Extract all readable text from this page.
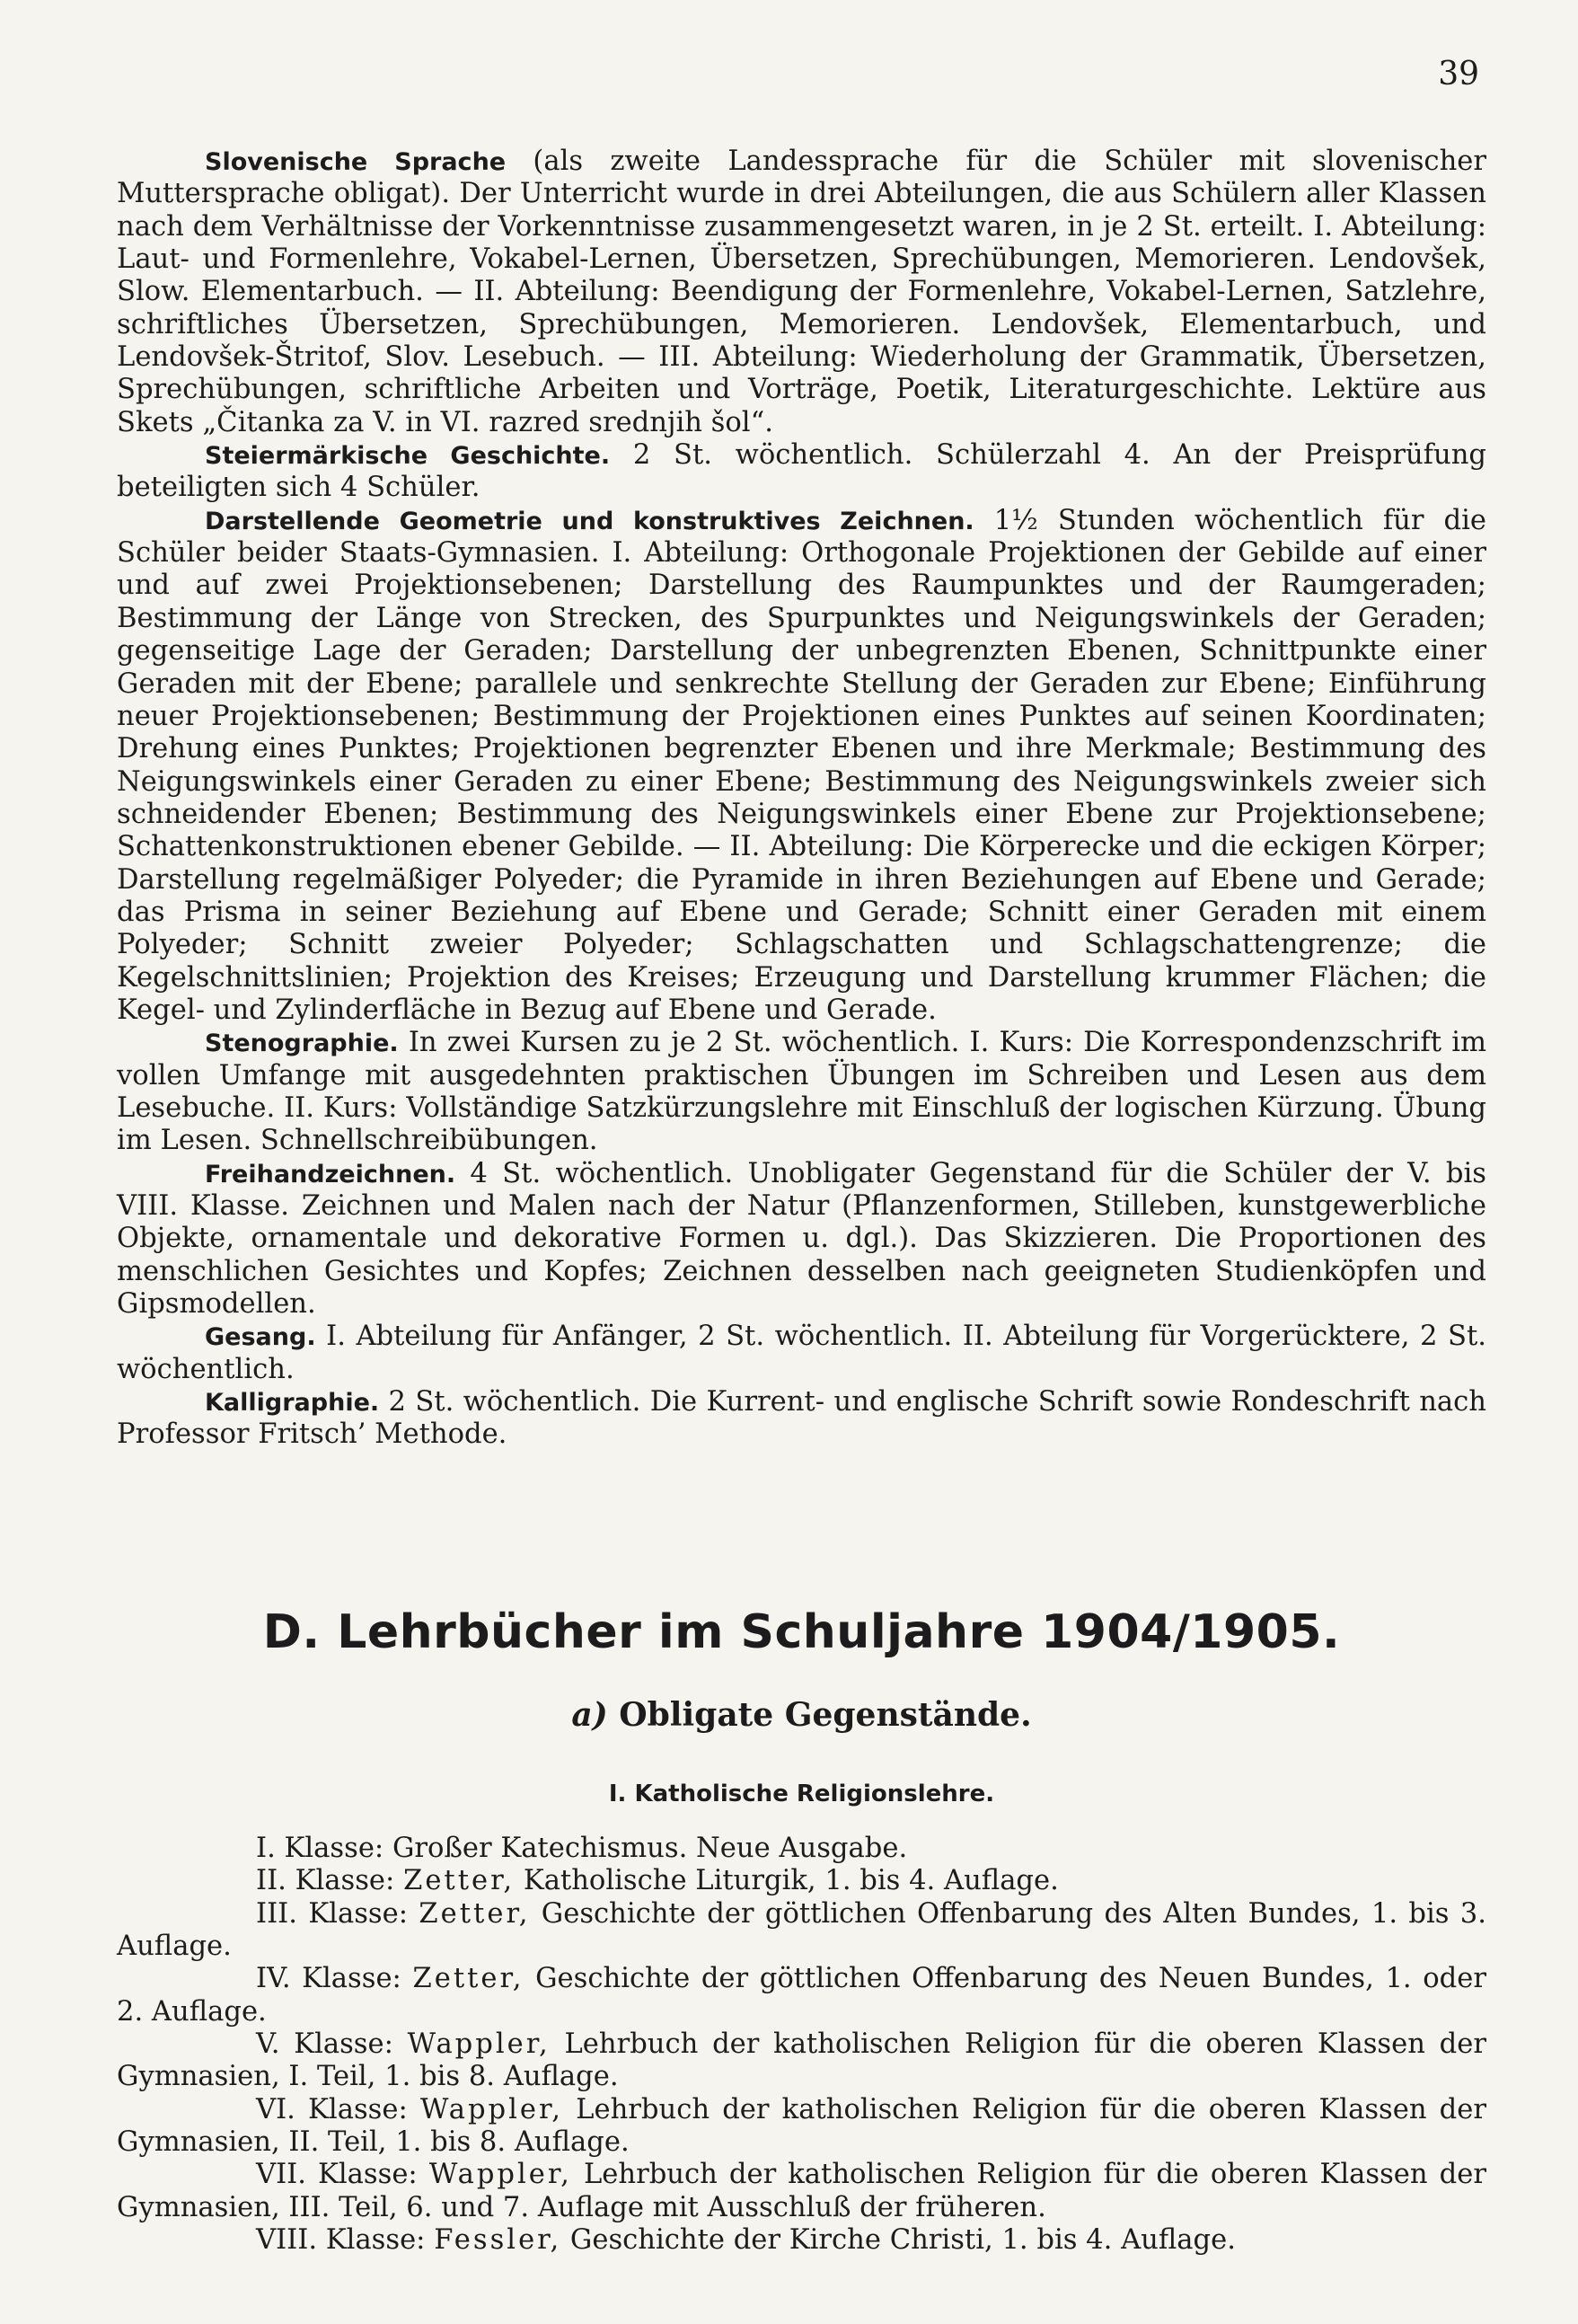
39

Slovenische Sprache (als zweite Landessprache für die Schüler mit slovenischer Muttersprache obligat). Der Unterricht wurde in drei Abteilungen, die aus Schülern aller Klassen nach dem Verhältnisse der Vorkenntnisse zusammengesetzt waren, in je 2 St. erteilt. I. Abteilung: Laut- und Formenlehre, Vokabel-Lernen, Übersetzen, Sprechübungen, Memorieren. Lendovšek, Slow. Elementarbuch. — II. Abteilung: Beendigung der Formenlehre, Vokabel-Lernen, Satzlehre, schriftliches Übersetzen, Sprechübungen, Memorieren. Lendovšek, Elementarbuch, und Lendovšek-Štritof, Slov. Lesebuch. — III. Abteilung: Wiederholung der Grammatik, Übersetzen, Sprechübungen, schriftliche Arbeiten und Vorträge, Poetik, Literaturgeschichte. Lektüre aus Skets „Čitanka za V. in VI. razred srednjih šol“.

Steiermärkische Geschichte. 2 St. wöchentlich. Schülerzahl 4. An der Preisprüfung beteiligten sich 4 Schüler.

Darstellende Geometrie und konstruktives Zeichnen. 1½ Stunden wöchentlich für die Schüler beider Staats-Gymnasien. I. Abteilung: Orthogonale Projektionen der Gebilde auf einer und auf zwei Projektionsebenen; Darstellung des Raumpunktes und der Raumgeraden; Bestimmung der Länge von Strecken, des Spurpunktes und Neigungswinkels der Geraden; gegenseitige Lage der Geraden; Darstellung der unbegrenzten Ebenen, Schnittpunkte einer Geraden mit der Ebene; parallele und senkrechte Stellung der Geraden zur Ebene; Einführung neuer Projektionsebenen; Bestimmung der Projektionen eines Punktes auf seinen Koordinaten; Drehung eines Punktes; Projektionen begrenzter Ebenen und ihre Merkmale; Bestimmung des Neigungswinkels einer Geraden zu einer Ebene; Bestimmung des Neigungswinkels zweier sich schneidender Ebenen; Bestimmung des Neigungswinkels einer Ebene zur Projektionsebene; Schattenkonstruktionen ebener Gebilde. — II. Abteilung: Die Körperecke und die eckigen Körper; Darstellung regelmäßiger Polyeder; die Pyramide in ihren Beziehungen auf Ebene und Gerade; das Prisma in seiner Beziehung auf Ebene und Gerade; Schnitt einer Geraden mit einem Polyeder; Schnitt zweier Polyeder; Schlagschatten und Schlagschattengrenze; die Kegelschnittslinien; Projektion des Kreises; Erzeugung und Darstellung krummer Flächen; die Kegel- und Zylinderfläche in Bezug auf Ebene und Gerade.

Stenographie. In zwei Kursen zu je 2 St. wöchentlich. I. Kurs: Die Korrespondenzschrift im vollen Umfange mit ausgedehnten praktischen Übungen im Schreiben und Lesen aus dem Lesebuche. II. Kurs: Vollständige Satzkürzungslehre mit Einschluß der logischen Kürzung. Übung im Lesen. Schnellschreibübungen.

Freihandzeichnen. 4 St. wöchentlich. Unobligater Gegenstand für die Schüler der V. bis VIII. Klasse. Zeichnen und Malen nach der Natur (Pflanzenformen, Stilleben, kunstgewerbliche Objekte, ornamentale und dekorative Formen u. dgl.). Das Skizzieren. Die Proportionen des menschlichen Gesichtes und Kopfes; Zeichnen desselben nach geeigneten Studienköpfen und Gipsmodellen.

Gesang. I. Abteilung für Anfänger, 2 St. wöchentlich. II. Abteilung für Vorgerücktere, 2 St. wöchentlich.

Kalligraphie. 2 St. wöchentlich. Die Kurrent- und englische Schrift sowie Rondeschrift nach Professor Fritsch’ Methode.

D. Lehrbücher im Schuljahre 1904/1905.
a) Obligate Gegenstände.
I. Katholische Religionslehre.

I. Klasse: Großer Katechismus. Neue Ausgabe.

II. Klasse: Zetter, Katholische Liturgik, 1. bis 4. Auflage.

III. Klasse: Zetter, Geschichte der göttlichen Offenbarung des Alten Bundes, 1. bis 3. Auflage.

IV. Klasse: Zetter, Geschichte der göttlichen Offenbarung des Neuen Bundes, 1. oder 2. Auflage.

V. Klasse: Wappler, Lehrbuch der katholischen Religion für die oberen Klassen der Gymnasien, I. Teil, 1. bis 8. Auflage.

VI. Klasse: Wappler, Lehrbuch der katholischen Religion für die oberen Klassen der Gymnasien, II. Teil, 1. bis 8. Auflage.

VII. Klasse: Wappler, Lehrbuch der katholischen Religion für die oberen Klassen der Gymnasien, III. Teil, 6. und 7. Auflage mit Ausschluß der früheren.

VIII. Klasse: Fessler, Geschichte der Kirche Christi, 1. bis 4. Auflage.
